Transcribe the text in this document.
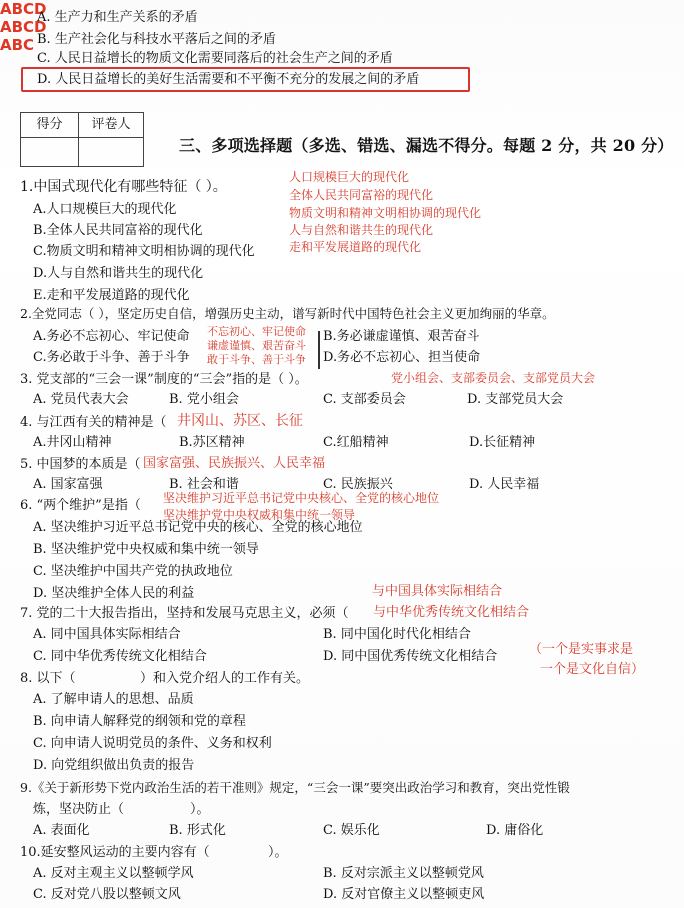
A. 生产力和生产关系的矛盾
B. 生产社会化与科技水平落后之间的矛盾
C. 人民日益增长的物质文化需要同落后的社会生产之间的矛盾
D. 人民日益增长的美好生活需要和不平衡不充分的发展之间的矛盾
得分	评卷人
三、多项选择题（多选、错选、漏选不得分。每题 2 分，共 20 分）
1.中国式现代化有哪些特征（ ）。
A.人口规模巨大的现代化
B.全体人民共同富裕的现代化
C.物质文明和精神文明相协调的现代化
D.人与自然和谐共生的现代化
E.走和平发展道路的现代化
人口规模巨大的现代化
全体人民共同富裕的现代化
物质文明和精神文明相协调的现代化
人与自然和谐共生的现代化
走和平发展道路的现代化
2.全党同志（ ），坚定历史自信，增强历史主动，谱写新时代中国特色社会主义更加绚丽的华章。
A.务必不忘初心、牢记使命	B.务必谦虚谨慎、艰苦奋斗
C.务必敢于斗争、善于斗争	D.务必不忘初心、担当使命
不忘初心、牢记使命
谦虚谨慎、艰苦奋斗
敢于斗争、善于斗争
3. 党支部的“三会一课”制度的“三会”指的是（ ）。	党小组会、支部委员会、支部党员大会
A. 党员代表大会	B. 党小组会	C. 支部委员会	D. 支部党员大会
4. 与江西有关的精神是（ 井冈山、苏区、长征
A.井冈山精神	B.苏区精神	C.红船精神	D.长征精神
5. 中国梦的本质是（ 国家富强、民族振兴、人民幸福
A. 国家富强	B. 社会和谐	C. 民族振兴	D. 人民幸福
6. “两个维护”是指（ 坚决维护习近平总书记党中央核心、全党的核心地位
坚决维护党中央权威和集中统一领导
A. 坚决维护习近平总书记党中央的核心、全党的核心地位
B. 坚决维护党中央权威和集中统一领导
C. 坚决维护中国共产党的执政地位
D. 坚决维护全体人民的利益	与中国具体实际相结合
7. 党的二十大报告指出，坚持和发展马克思主义，必须（ 与中华优秀传统文化相结合
A. 同中国具体实际相结合	B. 同中国化时代化相结合
C. 同中华优秀传统文化相结合	D. 同中国优秀传统文化相结合 （一个是实事求是
一个是文化自信）
8. 以下（
ABCD
）和入党介绍人的工作有关。
A. 了解申请人的思想、品质
B. 向申请人解释党的纲领和党的章程
C. 向申请人说明党员的条件、义务和权利
D. 向党组织做出负责的报告
9.《关于新形势下党内政治生活的若干准则》规定，“三会一课”要突出政治学习和教育，突出党性锻
炼，坚决防止（
ABCD
）。
A. 表面化	B. 形式化	C. 娱乐化	D. 庸俗化
10.延安整风运动的主要内容有（
ABC
）。
A. 反对主观主义以整顿学风	B. 反对宗派主义以整顿党风
C. 反对党八股以整顿文风	D. 反对官僚主义以整顿吏风
